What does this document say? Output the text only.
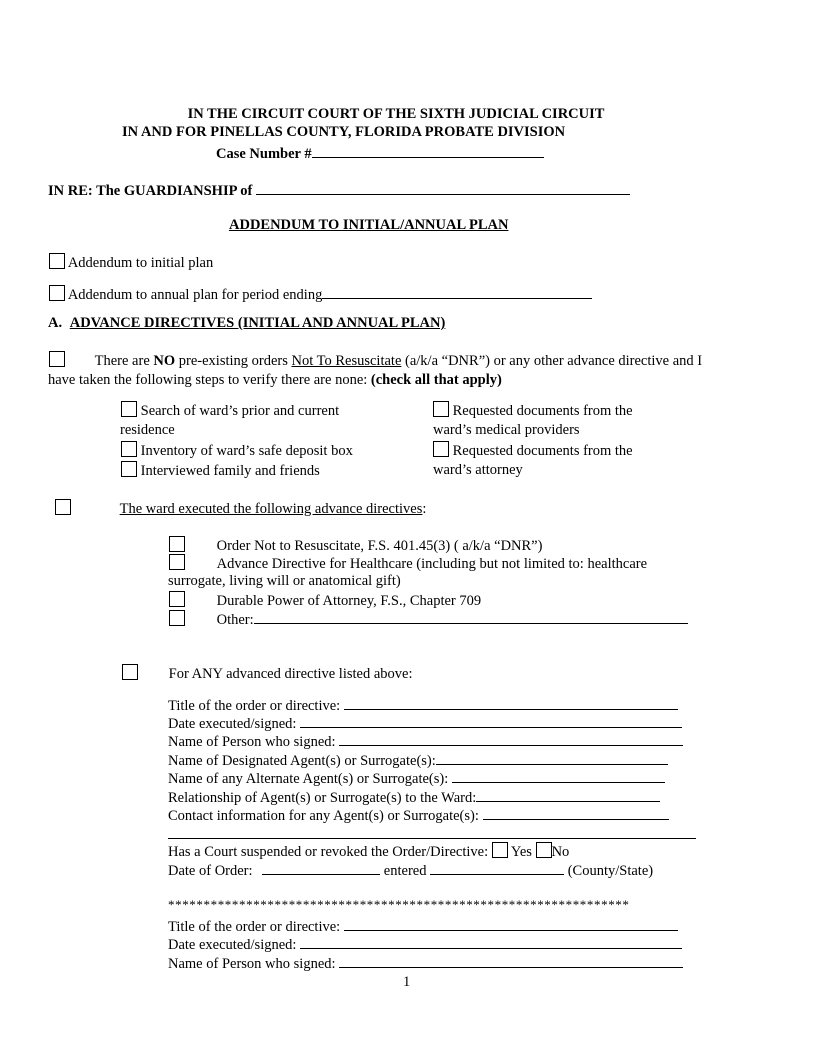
IN THE CIRCUIT COURT OF THE SIXTH JUDICIAL CIRCUIT
IN AND FOR PINELLAS COUNTY, FLORIDA PROBATE DIVISION
Case Number #
IN RE: The GUARDIANSHIP of
ADDENDUM TO INITIAL/ANNUAL PLAN
Addendum to initial plan
Addendum to annual plan for period ending
A. ADVANCE DIRECTIVES (INITIAL AND ANNUAL PLAN)
There are NO pre-existing orders Not To Resuscitate (a/k/a “DNR”) or any other advance directive and I
have taken the following steps to verify there are none: (check all that apply)
Search of ward’s prior and current
residence
Inventory of ward’s safe deposit box
Interviewed family and friends
Requested documents from the
ward’s medical providers
Requested documents from the
ward’s attorney
The ward executed the following advance directives:
Order Not to Resuscitate, F.S. 401.45(3) ( a/k/a “DNR”)
Advance Directive for Healthcare (including but not limited to: healthcare
surrogate, living will or anatomical gift)
Durable Power of Attorney, F.S., Chapter 709
Other:
For ANY advanced directive listed above:
Title of the order or directive:
Date executed/signed:
Name of Person who signed:
Name of Designated Agent(s) or Surrogate(s):
Name of any Alternate Agent(s) or Surrogate(s):
Relationship of Agent(s) or Surrogate(s) to the Ward:
Contact information for any Agent(s) or Surrogate(s):
Has a Court suspended or revoked the Order/Directive: Yes No
Date of Order:	entered	(County/State)
*****************************************************************
Title of the order or directive:
Date executed/signed:
Name of Person who signed:
1
